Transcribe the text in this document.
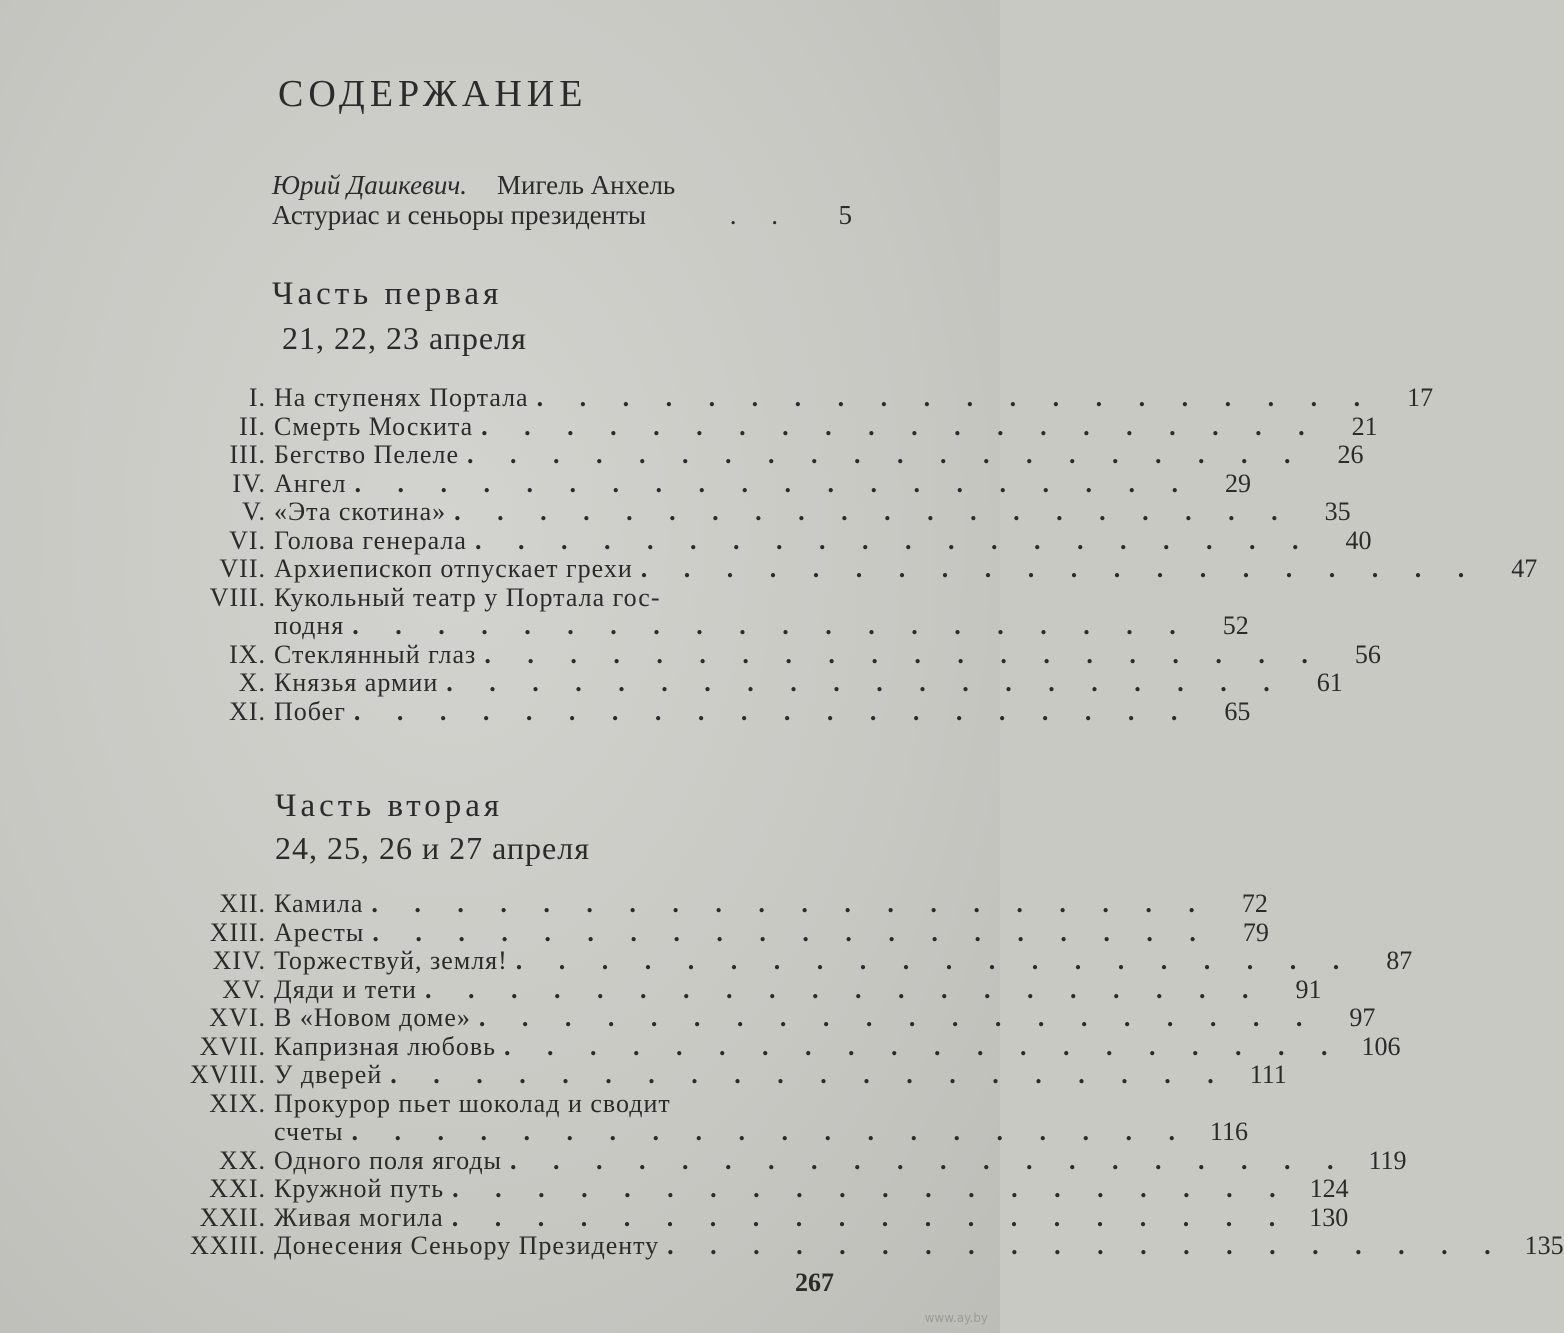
СОДЕРЖАНИЕ
Юрий Дашкевич. Мигель Анхель
Астуриас и сеньоры президенты	. .	5
Часть первая
21, 22, 23 апреля
I. На ступенях Портала . . . . . . . . . . . . . . . . . . . .	17
II. Смерть Москита . . . . . . . . . . . . . . . . . . . .	21
III. Бегство Пелеле . . . . . . . . . . . . . . . . . . . .	26
IV. Ангел . . . . . . . . . . . . . . . . . . . .	29
V. «Эта скотина» . . . . . . . . . . . . . . . . . . . .	35
VI. Голова генерала . . . . . . . . . . . . . . . . . . . .	40
VII. Архиепископ отпускает грехи . . . . . . . . . . . . . . . . . . . .	47
VIII. Кукольный театр у Портала гос-
подня . . . . . . . . . . . . . . . . . . . .	52
IX. Стеклянный глаз . . . . . . . . . . . . . . . . . . . .	56
X. Князья армии . . . . . . . . . . . . . . . . . . . .	61
XI. Побег . . . . . . . . . . . . . . . . . . . .	65
Часть вторая
24, 25, 26 и 27 апреля
XII. Камила . . . . . . . . . . . . . . . . . . . .	72
XIII. Аресты . . . . . . . . . . . . . . . . . . . .	79
XIV. Торжествуй, земля! . . . . . . . . . . . . . . . . . . . .	87
XV. Дяди и тети . . . . . . . . . . . . . . . . . . . .	91
XVI. В «Новом доме» . . . . . . . . . . . . . . . . . . . .	97
XVII. Капризная любовь . . . . . . . . . . . . . . . . . . . . 106
XVIII. У дверей . . . . . . . . . . . . . . . . . . . . 111
XIX. Прокурор пьет шоколад и сводит
счеты . . . . . . . . . . . . . . . . . . . . 116
XX. Одного поля ягоды . . . . . . . . . . . . . . . . . . . . 119
XXI. Кружной путь . . . . . . . . . . . . . . . . . . . . 124
XXII. Живая могила . . . . . . . . . . . . . . . . . . . . 130
XXIII. Донесения Сеньору Президенту . . . . . . . . . . . . . . . . . . . . 135
267
www.ay.by
